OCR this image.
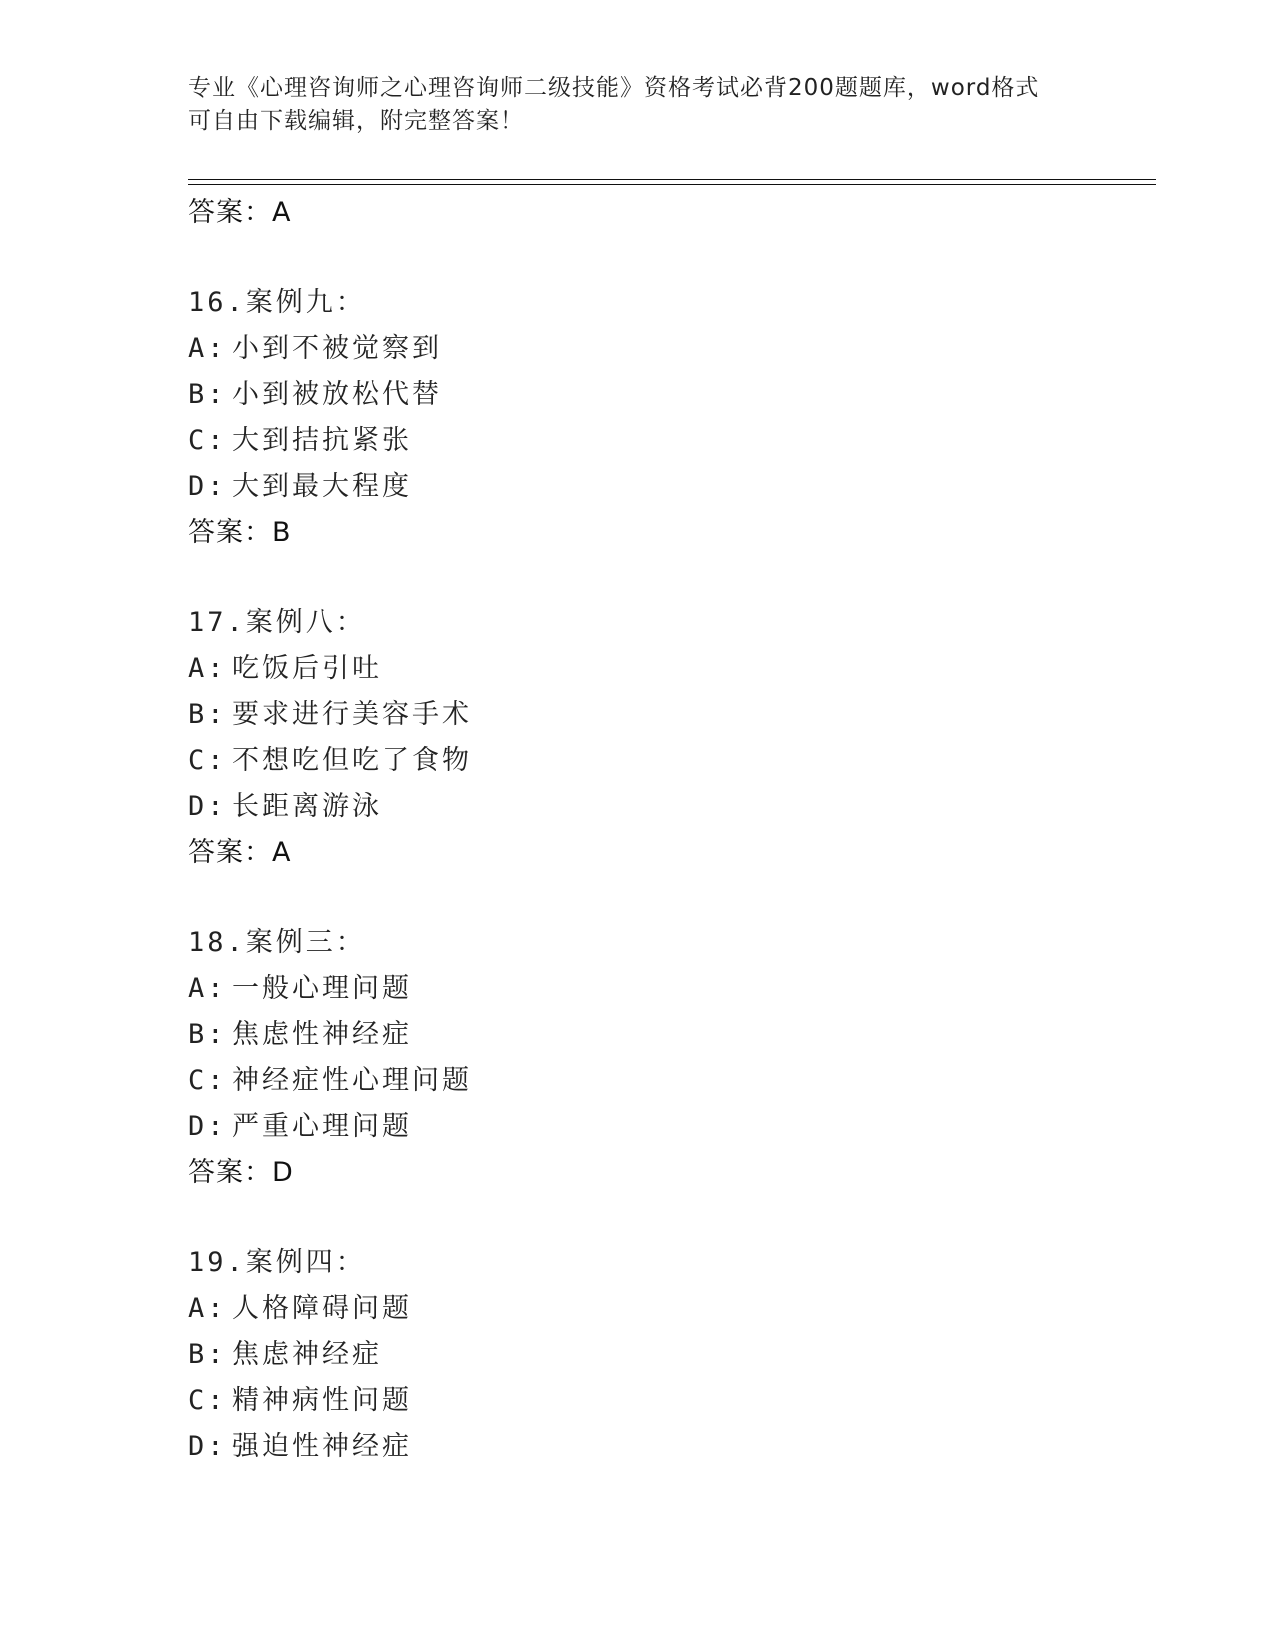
专业《心理咨询师之心理咨询师二级技能》资格考试必背200题题库，word格式
可自由下载编辑，附完整答案！
答案：A
16.案例九：
A: 小到不被觉察到
B: 小到被放松代替
C: 大到拮抗紧张
D: 大到最大程度
答案：B
17.案例八：
A: 吃饭后引吐
B: 要求进行美容手术
C: 不想吃但吃了食物
D: 长距离游泳
答案：A
18.案例三：
A: 一般心理问题
B: 焦虑性神经症
C: 神经症性心理问题
D: 严重心理问题
答案：D
19.案例四：
A: 人格障碍问题
B: 焦虑神经症
C: 精神病性问题
D: 强迫性神经症
